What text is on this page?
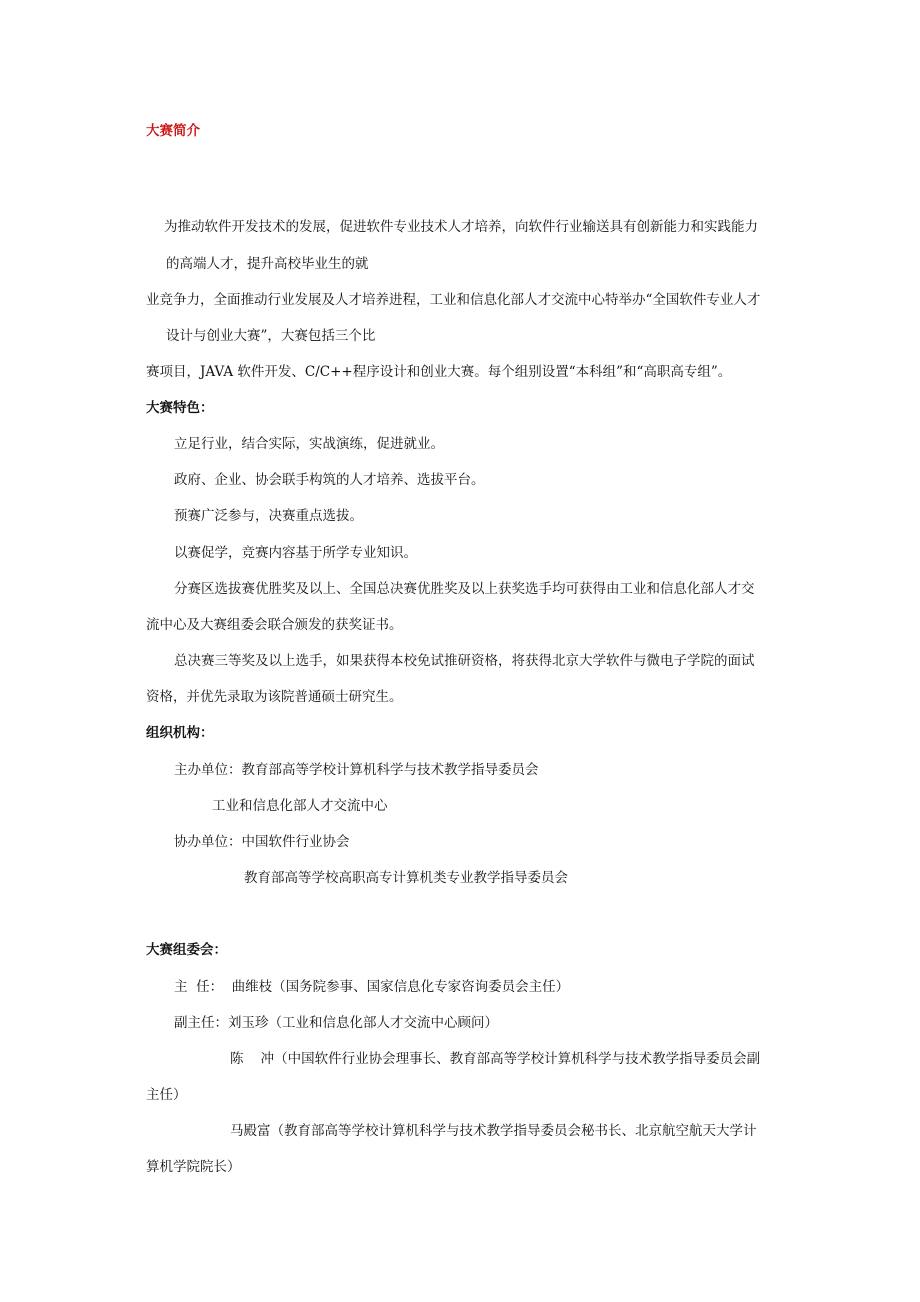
大赛简介
为推动软件开发技术的发展，促进软件专业技术人才培养，向软件行业输送具有创新能力和实践能力
的高端人才，提升高校毕业生的就
业竞争力，全面推动行业发展及人才培养进程，工业和信息化部人才交流中心特举办“全国软件专业人才
设计与创业大赛”，大赛包括三个比
赛项目，JAVA 软件开发、C/C++程序设计和创业大赛。每个组别设置“本科组”和“高职高专组”。
大赛特色：
立足行业，结合实际，实战演练，促进就业。
政府、企业、协会联手构筑的人才培养、选拔平台。
预赛广泛参与，决赛重点选拔。
以赛促学，竞赛内容基于所学专业知识。
分赛区选拔赛优胜奖及以上、全国总决赛优胜奖及以上获奖选手均可获得由工业和信息化部人才交
流中心及大赛组委会联合颁发的获奖证书。
总决赛三等奖及以上选手，如果获得本校免试推研资格，将获得北京大学软件与微电子学院的面试
资格，并优先录取为该院普通硕士研究生。
组织机构：
主办单位：教育部高等学校计算机科学与技术教学指导委员会
工业和信息化部人才交流中心
协办单位：中国软件行业协会
教育部高等学校高职高专计算机类专业教学指导委员会
大赛组委会：
主  任：  曲维枝（国务院参事、国家信息化专家咨询委员会主任）
副主任：刘玉珍（工业和信息化部人才交流中心顾问）
陈    冲（中国软件行业协会理事长、教育部高等学校计算机科学与技术教学指导委员会副
主任）
马殿富（教育部高等学校计算机科学与技术教学指导委员会秘书长、北京航空航天大学计
算机学院院长）
